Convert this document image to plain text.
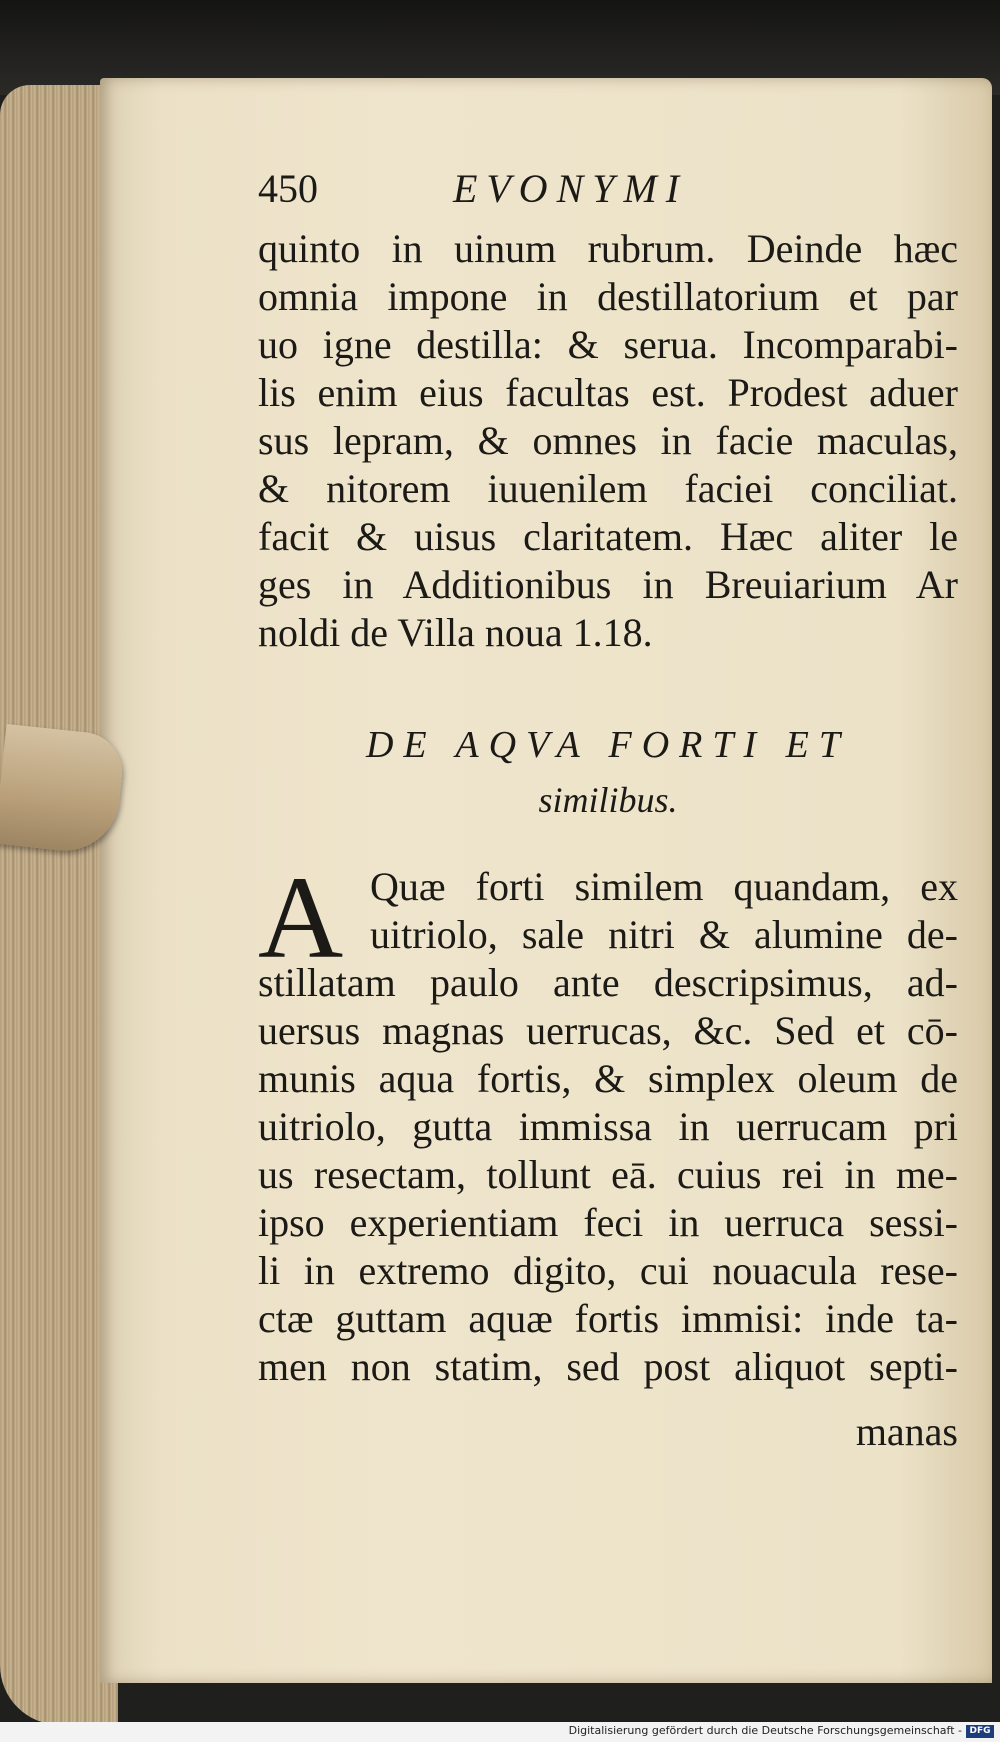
450	EVONYMI
quinto in uinum rubrum. Deinde hæc
omnia impone in destillatorium et par
uo igne destilla: & serua. Incomparabi-
lis enim eius facultas est. Prodest aduer
sus lepram, & omnes in facie maculas,
& nitorem iuuenilem faciei conciliat.
facit & uisus claritatem. Hæc aliter le
ges in Additionibus in Breuiarium Ar
noldi de Villa noua 1.18.
DE AQVA FORTI ET
similibus.
A Quæ forti similem quandam, ex
uitriolo, sale nitri & alumine de-
stillatam paulo ante descripsimus, ad-
uersus magnas uerrucas, &c. Sed et cō-
munis aqua fortis, & simplex oleum de
uitriolo, gutta immissa in uerrucam pri
us resectam, tollunt eā. cuius rei in me-
ipso experientiam feci in uerruca sessi-
li in extremo digito, cui nouacula rese-
ctæ guttam aquæ fortis immisi: inde ta-
men non statim, sed post aliquot septi-
manas
Digitalisierung gefördert durch die Deutsche Forschungsgemeinschaft - DFG
